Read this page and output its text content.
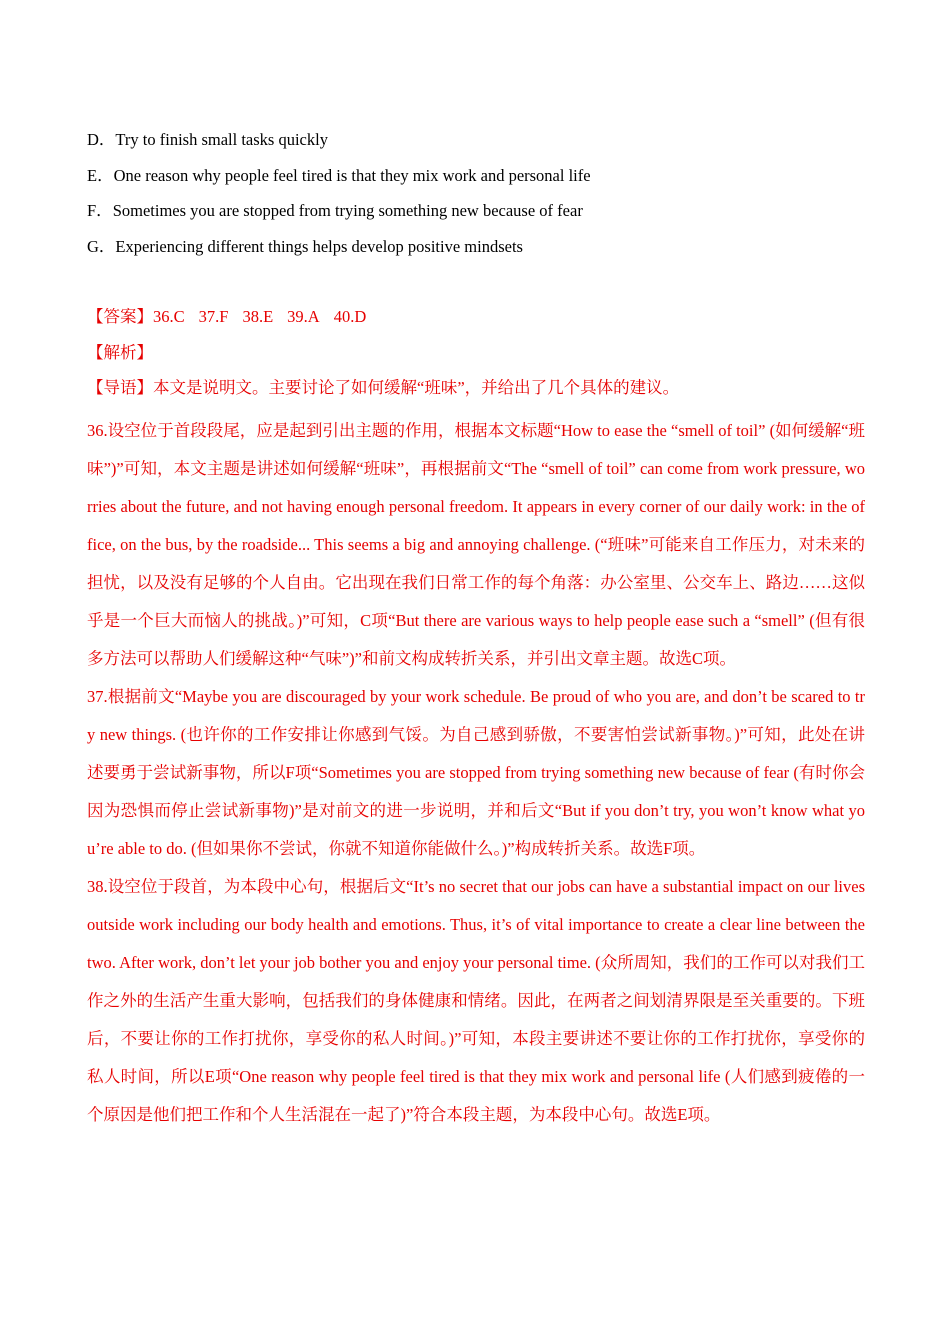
D．Try to finish small tasks quickly
E．One reason why people feel tired is that they mix work and personal life
F．Sometimes you are stopped from trying something new because of fear
G．Experiencing different things helps develop positive mindsets
【答案】36.C 37.F 38.E 39.A 40.D
【解析】
【导语】本文是说明文。主要讨论了如何缓解“班味”，并给出了几个具体的建议。

36.设空位于首段段尾，应是起到引出主题的作用，根据本文标题“How to ease the “smell of toil” (如何缓解“班味”)”可知，本文主题是讲述如何缓解“班味”，再根据前文“The “smell of toil” can come from work pressure, worries about the future, and not having enough personal freedom. It appears in every corner of our daily work: in the office, on the bus, by the roadside... This seems a big and annoying challenge. (“班味”可能来自工作压力，对未来的担忧，以及没有足够的个人自由。它出现在我们日常工作的每个角落：办公室里、公交车上、路边……这似乎是一个巨大而恼人的挑战。)”可知，C项“But there are various ways to help people ease such a “smell” (但有很多方法可以帮助人们缓解这种“气味”)”和前文构成转折关系，并引出文章主题。故选C项。

37.根据前文“Maybe you are discouraged by your work schedule. Be proud of who you are, and don’t be scared to try new things. (也许你的工作安排让你感到气馁。为自己感到骄傲，不要害怕尝试新事物。)”可知，此处在讲述要勇于尝试新事物，所以F项“Sometimes you are stopped from trying something new because of fear (有时你会因为恐惧而停止尝试新事物)”是对前文的进一步说明，并和后文“But if you don’t try, you won’t know what you’re able to do. (但如果你不尝试，你就不知道你能做什么。)”构成转折关系。故选F项。

38.设空位于段首，为本段中心句，根据后文“It’s no secret that our jobs can have a substantial impact on our lives outside work including our body health and emotions. Thus, it’s of vital importance to create a clear line between the two. After work, don’t let your job bother you and enjoy your personal time. (众所周知，我们的工作可以对我们工作之外的生活产生重大影响，包括我们的身体健康和情绪。因此，在两者之间划清界限是至关重要的。下班后，不要让你的工作打扰你，享受你的私人时间。)”可知，本段主要讲述不要让你的工作打扰你，享受你的私人时间，所以E项“One reason why people feel tired is that they mix work and personal life (人们感到疲倦的一个原因是他们把工作和个人生活混在一起了)”符合本段主题，为本段中心句。故选E项。
